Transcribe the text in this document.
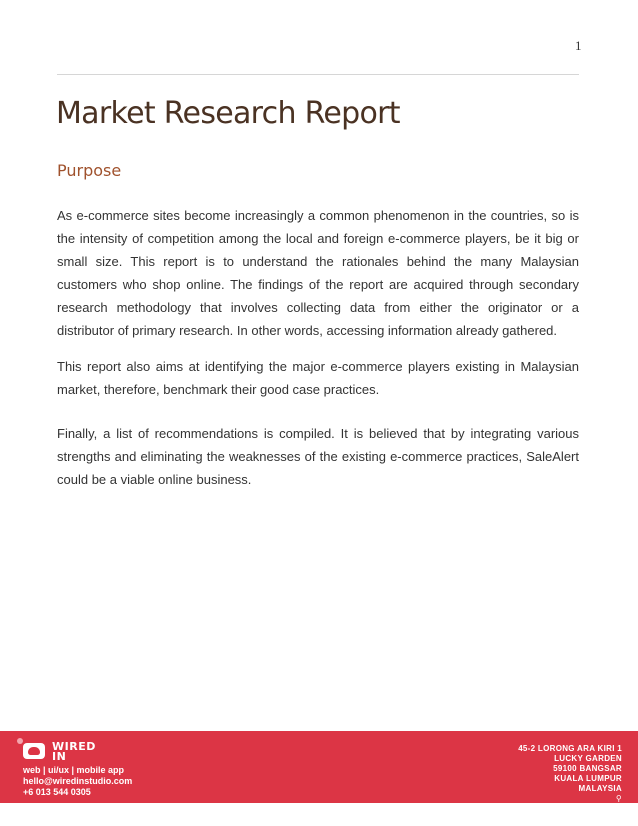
1
Market Research Report
Purpose

As e-commerce sites become increasingly a common phenomenon in the countries, so is the intensity of competition among the local and foreign e-commerce players, be it big or small size. This report is to understand the rationales behind the many Malaysian customers who shop online. The findings of the report are acquired through secondary research methodology that involves collecting data from either the originator or a distributor of primary research. In other words, accessing information already gathered.

This report also aims at identifying the major e-commerce players existing in Malaysian market, therefore, benchmark their good case practices.

Finally, a list of recommendations is compiled. It is believed that by integrating various strengths and eliminating the weaknesses of the existing e-commerce practices, SaleAlert could be a viable online business.

WIRED
IN
web | ui/ux | mobile app
hello@wiredinstudio.com
+6 013 544 0305
45-2 LORONG ARA KIRI 1
LUCKY GARDEN
59100 BANGSAR
KUALA LUMPUR
MALAYSIA
⚲
3.129021, 101.668993
